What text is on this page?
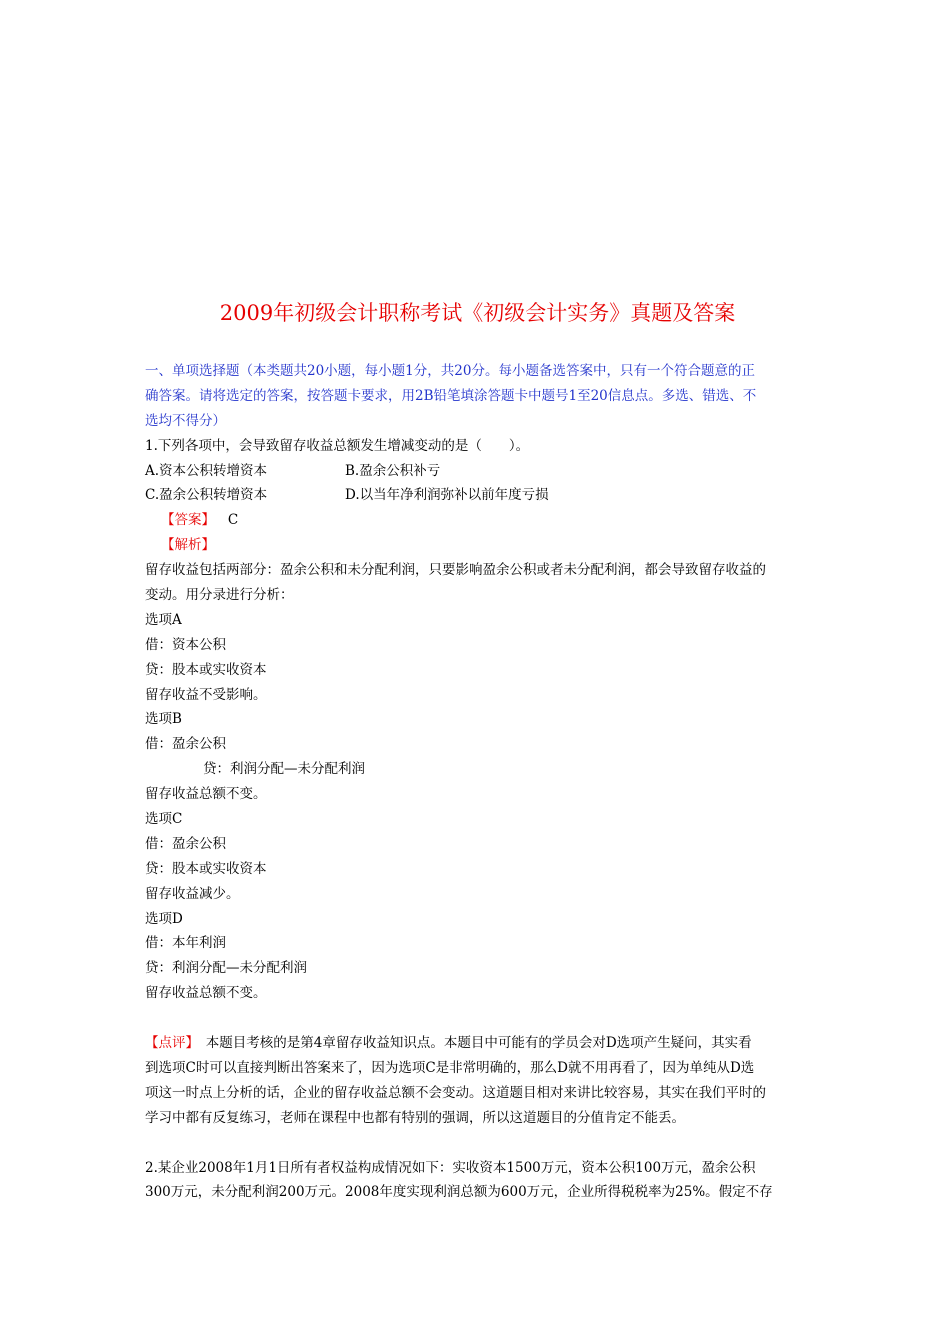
2009年初级会计职称考试《初级会计实务》真题及答案
一、单项选择题（本类题共20小题，每小题1分，共20分。每小题备选答案中，只有一个符合题意的正
确答案。请将选定的答案，按答题卡要求，用2B铅笔填涂答题卡中题号1至20信息点。多选、错选、不
选均不得分）
1.下列各项中，会导致留存收益总额发生增减变动的是（　　）。
A.资本公积转增资本	B.盈余公积补亏
C.盈余公积转增资本	D.以当年净利润弥补以前年度亏损
【答案】 C
【解析】
留存收益包括两部分：盈余公积和未分配利润，只要影响盈余公积或者未分配利润，都会导致留存收益的
变动。用分录进行分析：
选项A
借：资本公积
贷：股本或实收资本
留存收益不受影响。
选项B
借：盈余公积
贷：利润分配—未分配利润
留存收益总额不变。
选项C
借：盈余公积
贷：股本或实收资本
留存收益减少。
选项D
借：本年利润
贷：利润分配—未分配利润
留存收益总额不变。
【点评】　本题目考核的是第4章留存收益知识点。本题目中可能有的学员会对D选项产生疑问，其实看
到选项C时可以直接判断出答案来了，因为选项C是非常明确的，那么D就不用再看了，因为单纯从D选
项这一时点上分析的话，企业的留存收益总额不会变动。这道题目相对来讲比较容易，其实在我们平时的
学习中都有反复练习，老师在课程中也都有特别的强调，所以这道题目的分值肯定不能丢。
2.某企业2008年1月1日所有者权益构成情况如下：实收资本1500万元，资本公积100万元，盈余公积
300万元，未分配利润200万元。2008年度实现利润总额为600万元，企业所得税税率为25%。假定不存
